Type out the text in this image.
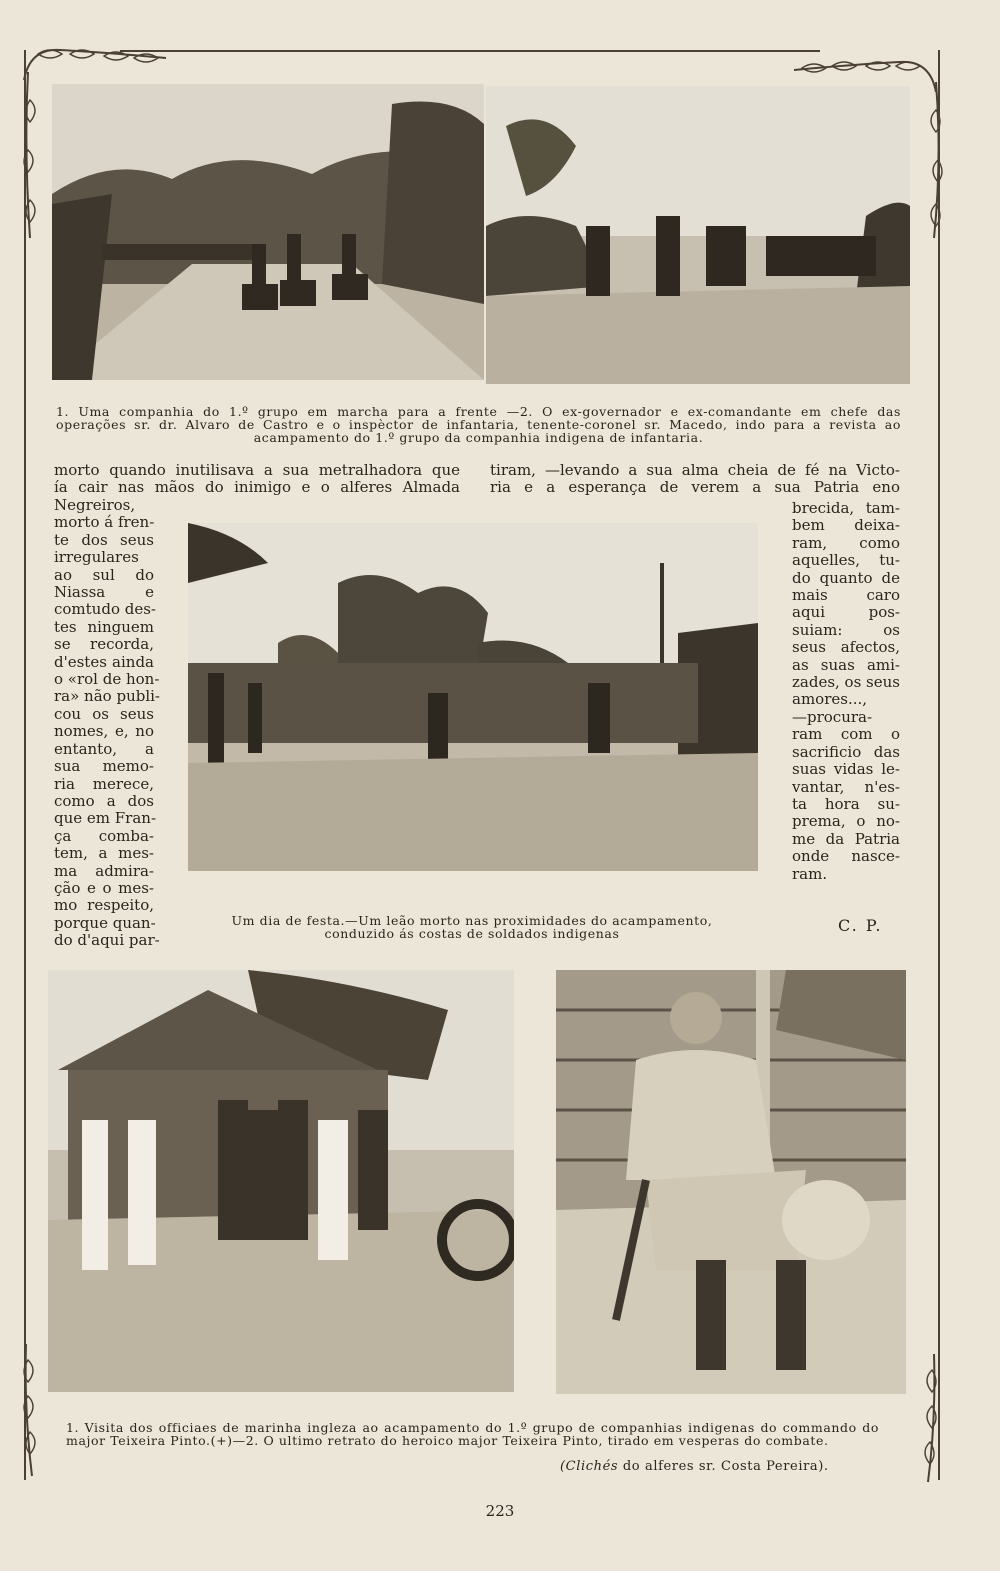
1. Uma companhia do 1.º grupo em marcha para a frente —2. O ex-governador e ex-comandante em chefe das
operações sr. dr. Alvaro de Castro e o inspèctor de infantaria, tenente-coronel sr. Macedo, indo para a revista ao
acampamento do 1.º grupo da companhia indigena de infantaria.

morto quando inutilisava a sua metralhadora que
ía cair nas mãos do inimigo e o alferes Almada

tiram, —levando a sua alma cheia de fé na Victo-
ria e a esperança de verem a sua Patria eno

Negreiros,
morto á fren-
te dos seus
irregulares
ao sul do
Niassa e
comtudo des-
tes ninguem
se recorda,
d'estes ainda
o «rol de hon-
ra» não publi-
cou os seus
nomes, e, no
entanto, a
sua memo-
ria merece,
como a dos
que em Fran-
ça comba-
tem, a mes-
ma admira-
ção e o mes-
mo respeito,
porque quan-
do d'aqui par-

brecida, tam-
bem deixa-
ram, como
aquelles, tu-
do quanto de
mais caro
aqui pos-
suiam: os
seus afectos,
as suas ami-
zades, os seus
amores...,
—procura-
ram com o
sacrificio das
suas vidas le-
vantar, n'es-
ta hora su-
prema, o no-
me da Patria
onde nasce-
ram.

Um dia de festa.—Um leão morto nas proximidades do acampamento,
conduzido ás costas de soldados indigenas	C. P.
1. Visita dos officiaes de marinha ingleza ao acampamento do 1.º grupo de companhias indigenas do commando do
major Teixeira Pinto.(+)—2. O ultimo retrato do heroico major Teixeira Pinto, tirado em vesperas do combate.
(Clichés do alferes sr. Costa Pereira).
223
